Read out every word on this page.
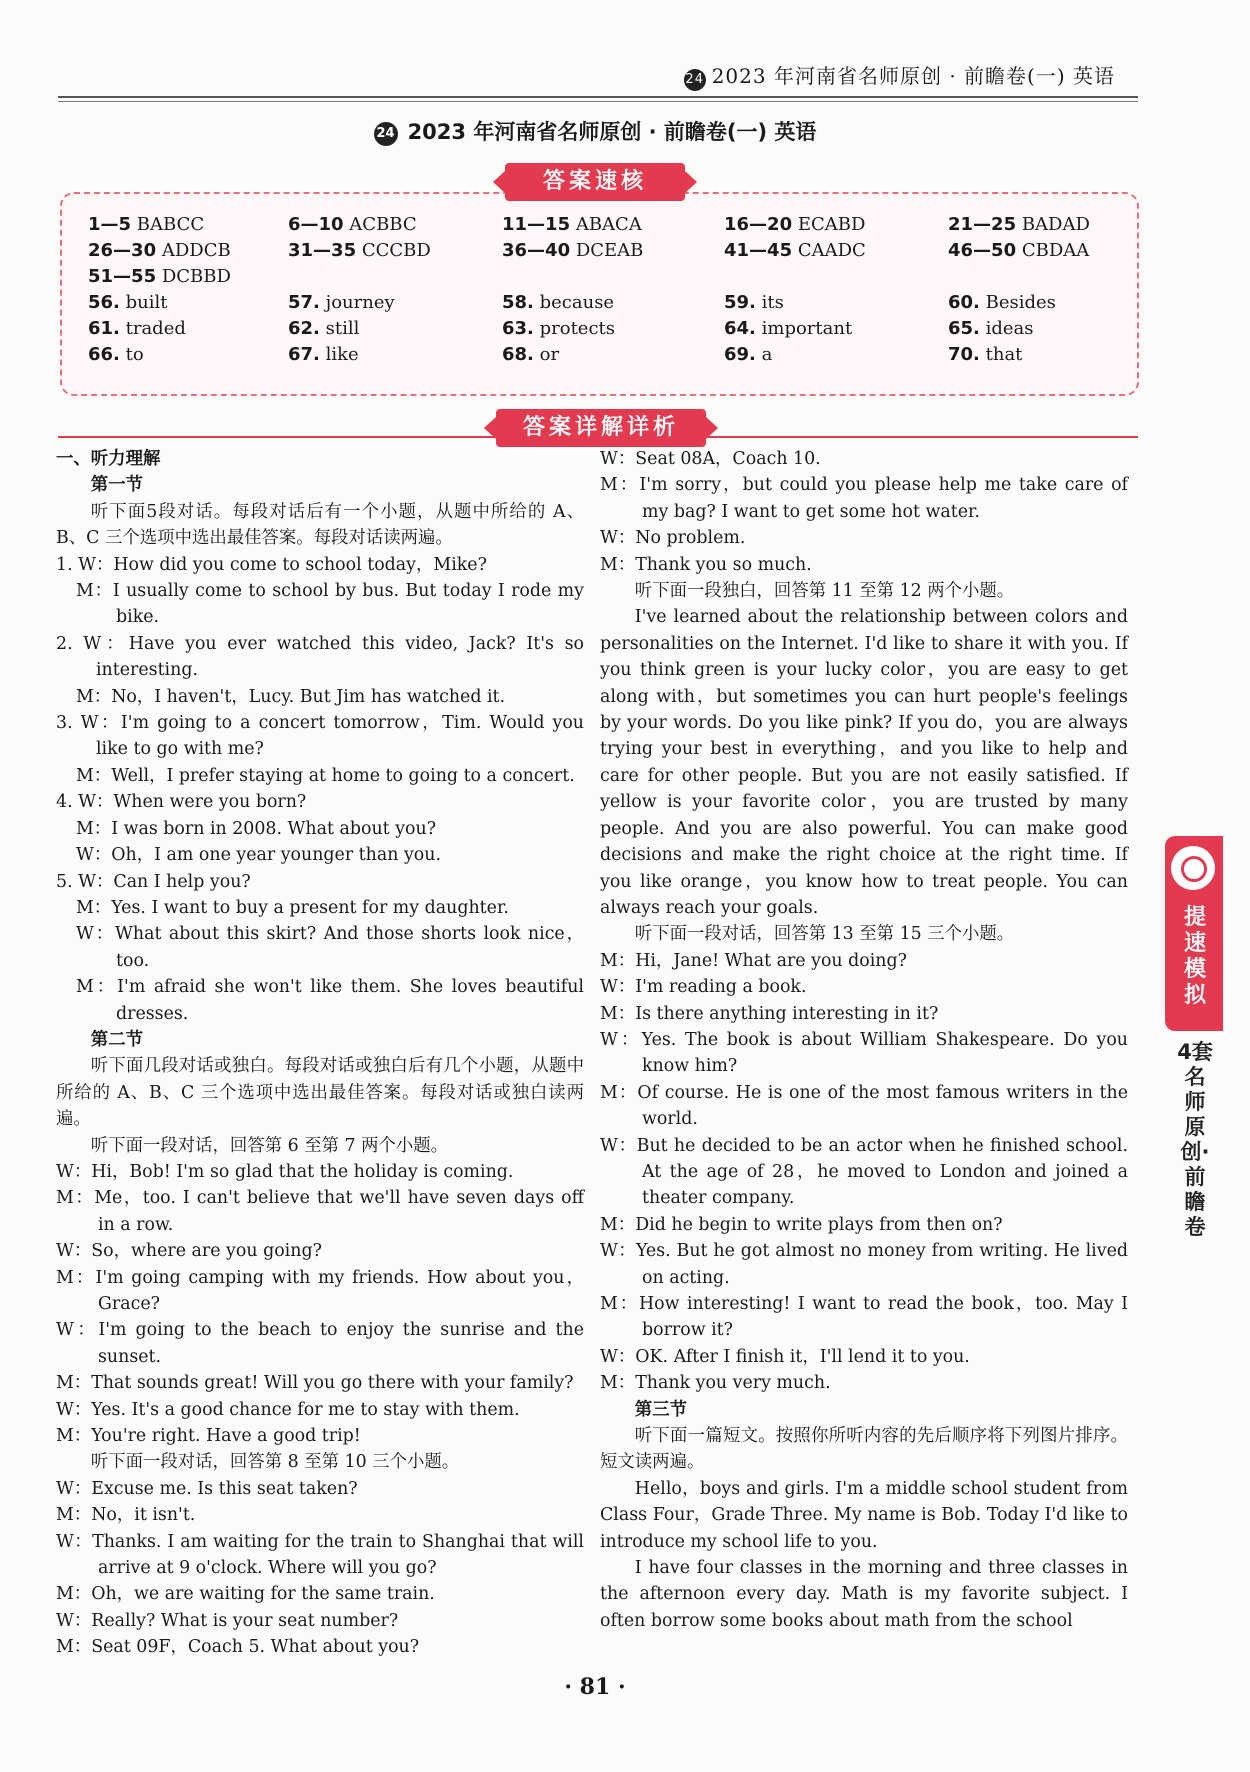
24 2023 年河南省名师原创 · 前瞻卷(一) 英语
24 2023 年河南省名师原创 · 前瞻卷(一) 英语
答案速核
1—5 BABCC	6—10 ACBBC	11—15 ABACA	16—20 ECABD	21—25 BADAD
26—30 ADDCB	31—35 CCCBD	36—40 DCEAB	41—45 CAADC	46—50 CBDAA
51—55 DCBBD
56. built	57. journey	58. because	59. its	60. Besides
61. traded	62. still	63. protects	64. important	65. ideas
66. to	67. like	68. or	69. a	70. that
答案详解详析

一、听力理解

第一节

听下面5段对话。每段对话后有一个小题，从题中所给的 A、B、C 三个选项中选出最佳答案。每段对话读两遍。

1. W：How did you come to school today，Mike?

M：I usually come to school by bus. But today I rode my bike.

2. W：Have you ever watched this video, Jack? It's so interesting.

M：No，I haven't，Lucy. But Jim has watched it.

3. W：I'm going to a concert tomorrow，Tim. Would you like to go with me?

M：Well，I prefer staying at home to going to a concert.

4. W：When were you born?

M：I was born in 2008. What about you?

W：Oh，I am one year younger than you.

5. W：Can I help you?

M：Yes. I want to buy a present for my daughter.

W：What about this skirt? And those shorts look nice，too.

M：I'm afraid she won't like them. She loves beautiful dresses.

第二节

听下面几段对话或独白。每段对话或独白后有几个小题，从题中所给的 A、B、C 三个选项中选出最佳答案。每段对话或独白读两遍。

听下面一段对话，回答第 6 至第 7 两个小题。

W：Hi，Bob! I'm so glad that the holiday is coming.

M：Me，too. I can't believe that we'll have seven days off in a row.

W：So，where are you going?

M：I'm going camping with my friends. How about you，Grace?

W：I'm going to the beach to enjoy the sunrise and the sunset.

M：That sounds great! Will you go there with your family?

W：Yes. It's a good chance for me to stay with them.

M：You're right. Have a good trip!

听下面一段对话，回答第 8 至第 10 三个小题。

W：Excuse me. Is this seat taken?

M：No，it isn't.

W：Thanks. I am waiting for the train to Shanghai that will arrive at 9 o'clock. Where will you go?

M：Oh，we are waiting for the same train.

W：Really? What is your seat number?

M：Seat 09F，Coach 5. What about you?

W：Seat 08A，Coach 10.

M：I'm sorry，but could you please help me take care of my bag? I want to get some hot water.

W：No problem.

M：Thank you so much.

听下面一段独白，回答第 11 至第 12 两个小题。

I've learned about the relationship between colors and personalities on the Internet. I'd like to share it with you. If you think green is your lucky color，you are easy to get along with，but sometimes you can hurt people's feelings by your words. Do you like pink? If you do，you are always trying your best in everything，and you like to help and care for other people. But you are not easily satisfied. If yellow is your favorite color，you are trusted by many people. And you are also powerful. You can make good decisions and make the right choice at the right time. If you like orange，you know how to treat people. You can always reach your goals.

听下面一段对话，回答第 13 至第 15 三个小题。

M：Hi，Jane! What are you doing?

W：I'm reading a book.

M：Is there anything interesting in it?

W：Yes. The book is about William Shakespeare. Do you know him?

M：Of course. He is one of the most famous writers in the world.

W：But he decided to be an actor when he finished school. At the age of 28，he moved to London and joined a theater company.

M：Did he begin to write plays from then on?

W：Yes. But he got almost no money from writing. He lived on acting.

M：How interesting! I want to read the book，too. May I borrow it?

W：OK. After I finish it，I'll lend it to you.

M：Thank you very much.

第三节

听下面一篇短文。按照你所听内容的先后顺序将下列图片排序。短文读两遍。

Hello，boys and girls. I'm a middle school student from Class Four，Grade Three. My name is Bob. Today I'd like to introduce my school life to you.

I have four classes in the morning and three classes in the afternoon every day. Math is my favorite subject. I often borrow some books about math from the school

提速模拟
4套名师原创·前瞻卷
· 81 ·
